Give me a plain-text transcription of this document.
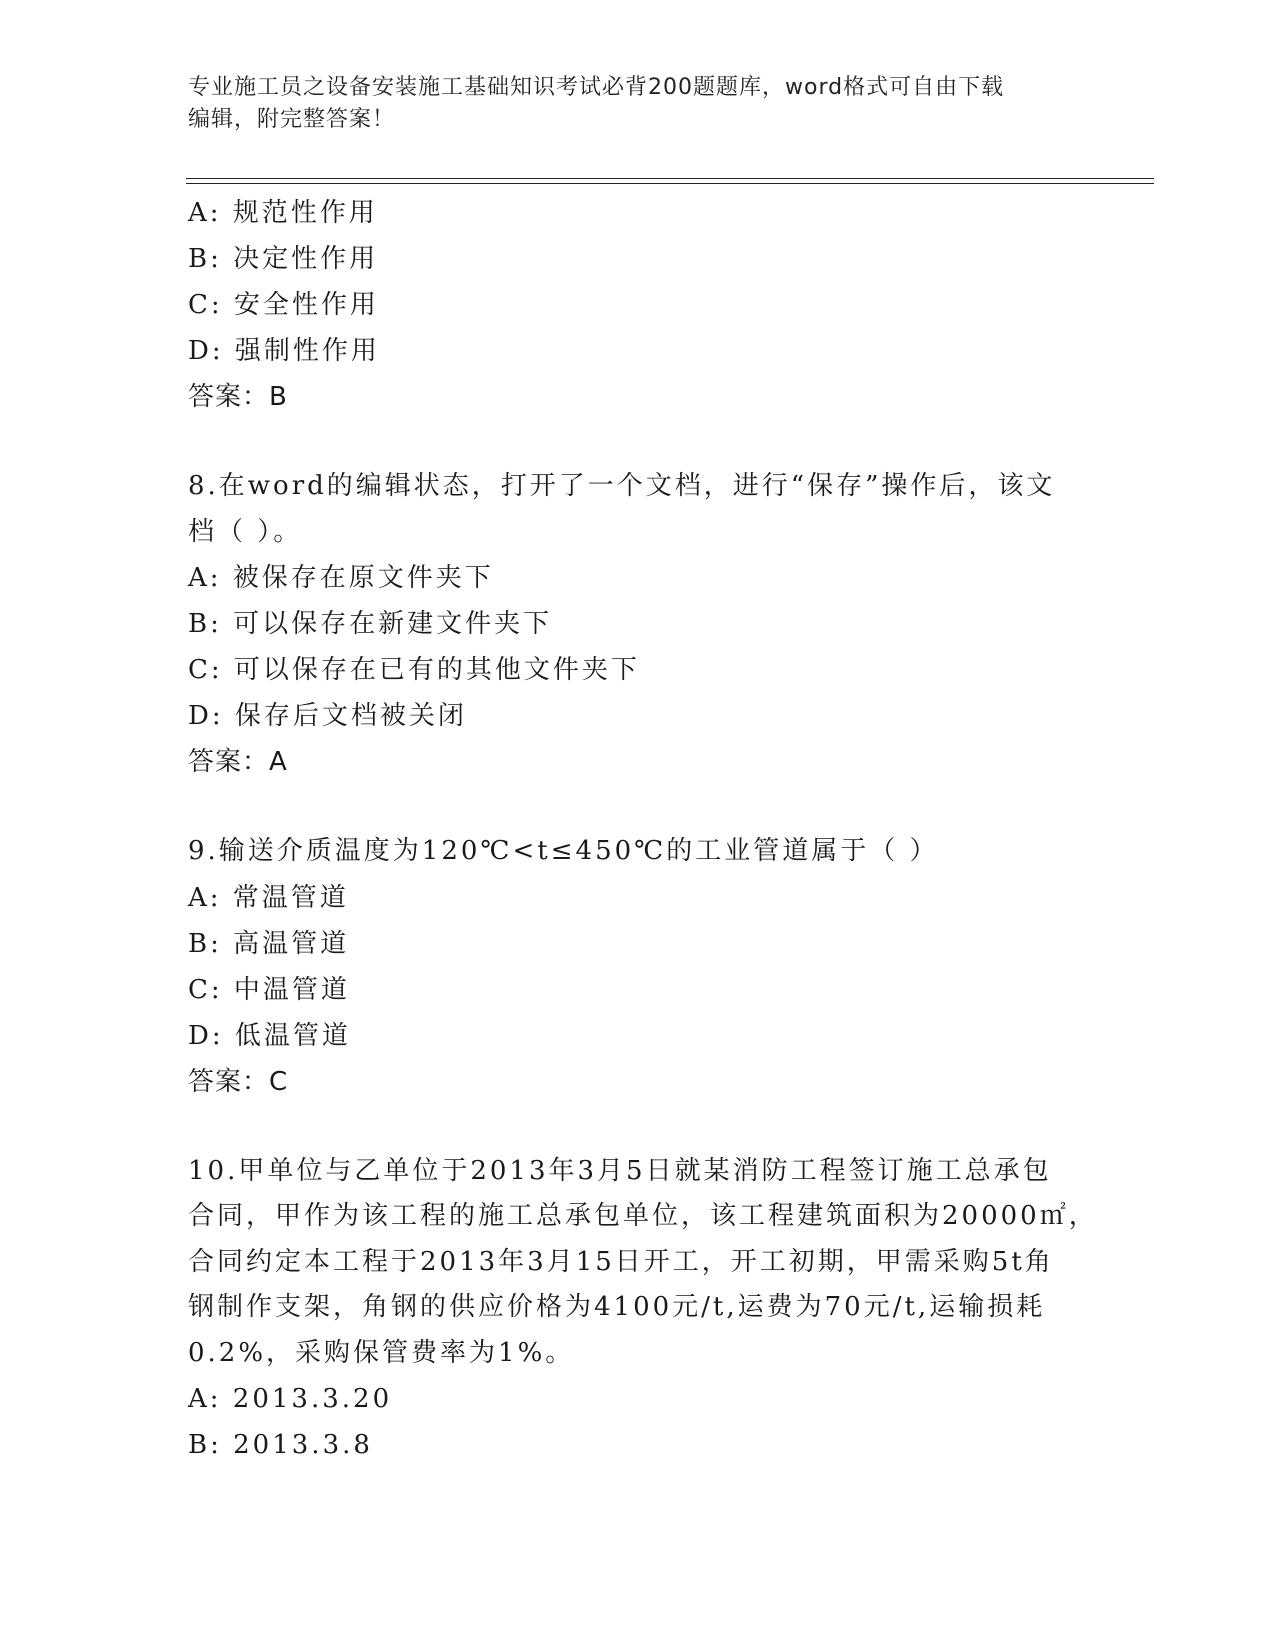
专业施工员之设备安装施工基础知识考试必背200题题库，word格式可自由下载
编辑，附完整答案！
A: 规范性作用
B: 决定性作用
C: 安全性作用
D: 强制性作用
答案：B
8.在word的编辑状态，打开了一个文档，进行“保存”操作后，该文
档（ ）。
A: 被保存在原文件夹下
B: 可以保存在新建文件夹下
C: 可以保存在已有的其他文件夹下
D: 保存后文档被关闭
答案：A
9.输送介质温度为120℃<t≤450℃的工业管道属于（ ）
A: 常温管道
B: 高温管道
C: 中温管道
D: 低温管道
答案：C
10.甲单位与乙单位于2013年3月5日就某消防工程签订施工总承包
合同，甲作为该工程的施工总承包单位，该工程建筑面积为20000㎡，
合同约定本工程于2013年3月15日开工，开工初期，甲需采购5t角
钢制作支架，角钢的供应价格为4100元/t,运费为70元/t,运输损耗
0.2%，采购保管费率为1%。
A: 2013.3.20
B: 2013.3.8
